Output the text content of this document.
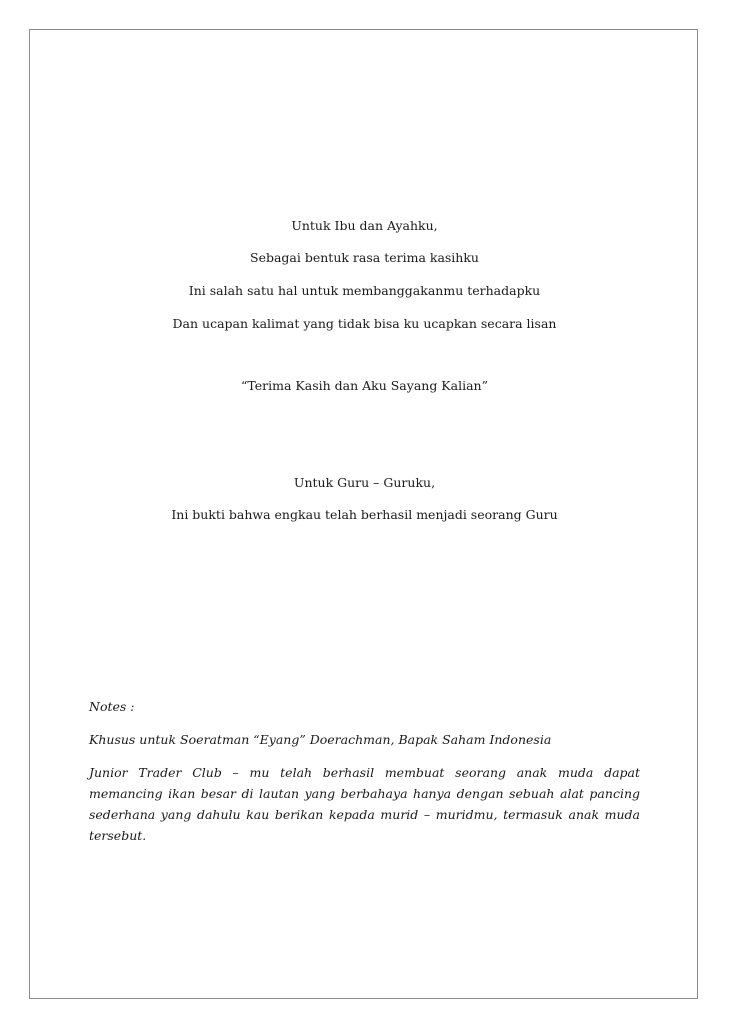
Untuk Ibu dan Ayahku,
Sebagai bentuk rasa terima kasihku
Ini salah satu hal untuk membanggakanmu terhadapku
Dan ucapan kalimat yang tidak bisa ku ucapkan secara lisan
“Terima Kasih dan Aku Sayang Kalian”
Untuk Guru – Guruku,
Ini bukti bahwa engkau telah berhasil menjadi seorang Guru
Notes :
Khusus untuk Soeratman “Eyang” Doerachman, Bapak Saham Indonesia
Junior Trader Club – mu telah berhasil membuat seorang anak muda dapat memancing ikan besar di lautan yang berbahaya hanya dengan sebuah alat pancing sederhana yang dahulu kau berikan kepada murid – muridmu, termasuk anak muda tersebut.
